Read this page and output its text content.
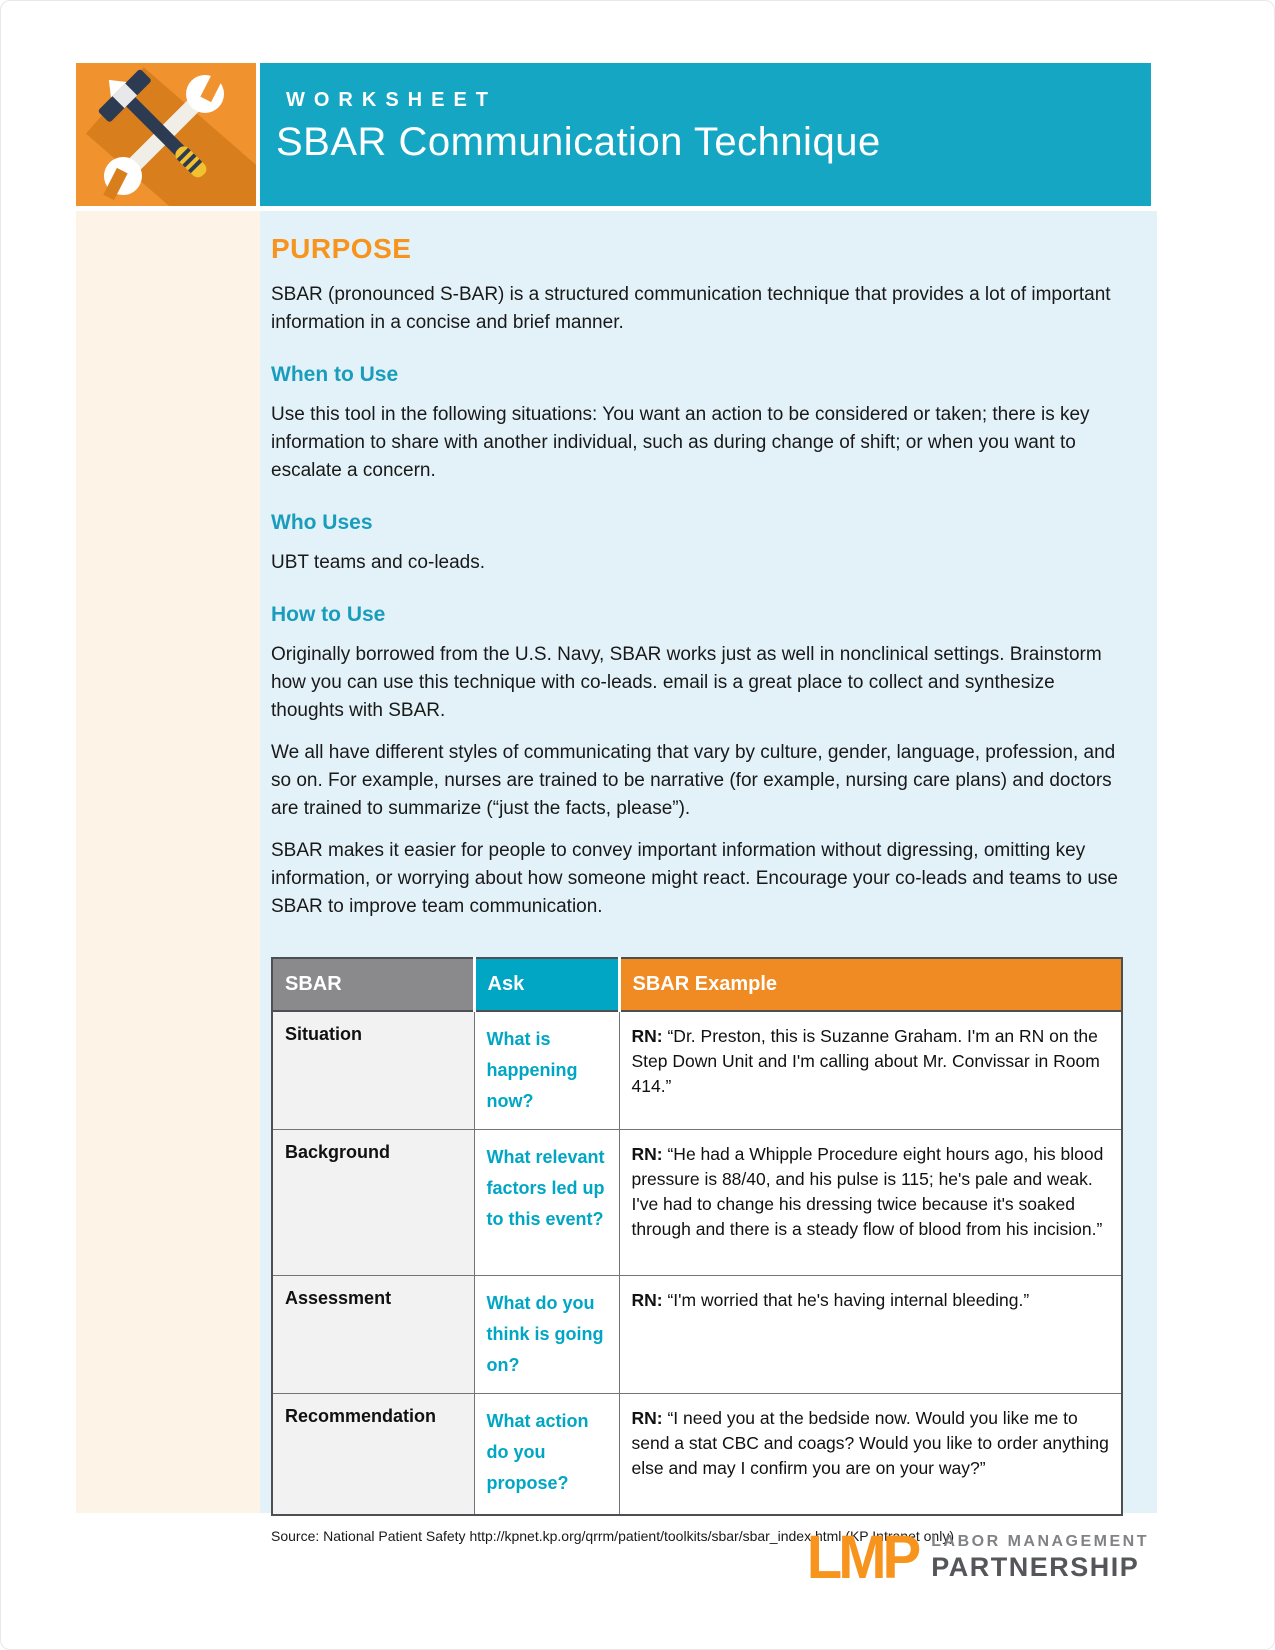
WORKSHEET
SBAR Communication Technique
PURPOSE

SBAR (pronounced S-BAR) is a structured communication technique that provides a lot of important information in a concise and brief manner.

When to Use

Use this tool in the following situations: You want an action to be considered or taken; there is key information to share with another individual, such as during change of shift; or when you want to escalate a concern.

Who Uses

UBT teams and co-leads.

How to Use

Originally borrowed from the U.S. Navy, SBAR works just as well in nonclinical settings. Brainstorm how you can use this technique with co-leads. email is a great place to collect and synthesize thoughts with SBAR.

We all have different styles of communicating that vary by culture, gender, language, profession, and so on. For example, nurses are trained to be narrative (for example, nursing care plans) and doctors are trained to summarize (“just the facts, please”).

SBAR makes it easier for people to convey important information without digressing, omitting key information, or worrying about how someone might react. Encourage your co-leads and teams to use SBAR to improve team communication.

SBAR	Ask	SBAR Example
Situation	What is happening now?	RN: “Dr. Preston, this is Suzanne Graham. I'm an RN on the Step Down Unit and I'm calling about Mr. Convissar in Room 414.”
Background	What relevant factors led up to this event?	RN: “He had a Whipple Procedure eight hours ago, his blood pressure is 88/40, and his pulse is 115; he's pale and weak. I've had to change his dressing twice because it's soaked through and there is a steady flow of blood from his incision.”
Assessment	What do you think is going on?	RN: “I'm worried that he's having internal bleeding.”
Recommendation	What action do you propose?	RN: “I need you at the bedside now. Would you like me to send a stat CBC and coags? Would you like to order anything else and may I confirm you are on your way?”
Source: National Patient Safety http://kpnet.kp.org/qrrm/patient/toolkits/sbar/sbar_index.html (KP Intranet only)
LMP LABOR MANAGEMENT
PARTNERSHIP
